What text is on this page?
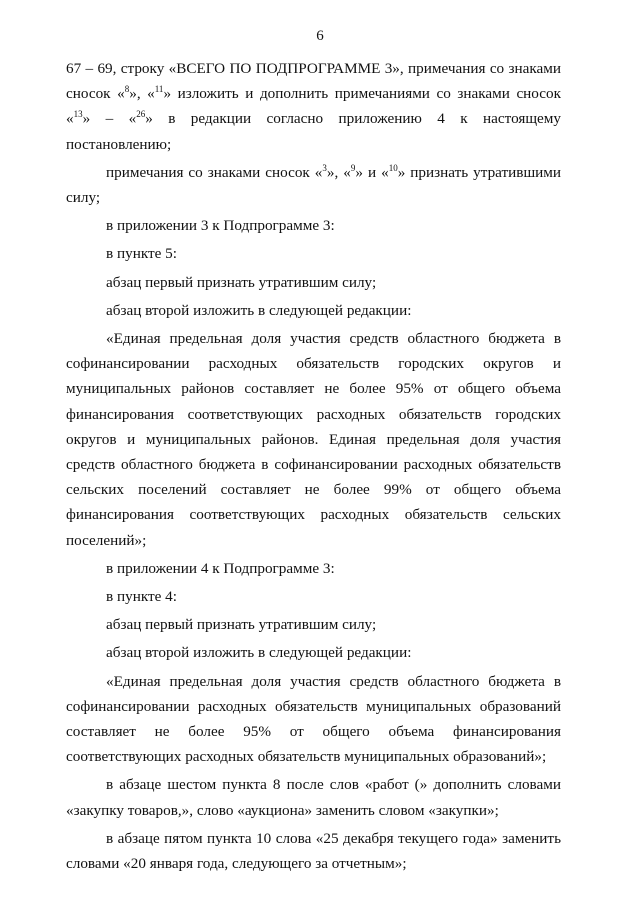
6

67 – 69, строку «ВСЕГО ПО ПОДПРОГРАММЕ 3», примечания со знаками сносок «$^8$», «$^{11}$» изложить и дополнить примечаниями со знаками сносок «$^{13}$» – «$^{26}$» в редакции согласно приложению 4 к настоящему постановлению;

примечания со знаками сносок «$^3$», «$^9$» и «$^{10}$» признать утратившими силу;

в приложении 3 к Подпрограмме 3:

в пункте 5:

абзац первый признать утратившим силу;

абзац второй изложить в следующей редакции:

«Единая предельная доля участия средств областного бюджета в софинансировании расходных обязательств городских округов и муниципальных районов составляет не более 95% от общего объема финансирования соответствующих расходных обязательств городских округов и муниципальных районов. Единая предельная доля участия средств областного бюджета в софинансировании расходных обязательств сельских поселений составляет не более 99% от общего объема финансирования соответствующих расходных обязательств сельских поселений»;

в приложении 4 к Подпрограмме 3:

в пункте 4:

абзац первый признать утратившим силу;

абзац второй изложить в следующей редакции:

«Единая предельная доля участия средств областного бюджета в софинансировании расходных обязательств муниципальных образований составляет не более 95% от общего объема финансирования соответствующих расходных обязательств муниципальных образований»;

в абзаце шестом пункта 8 после слов «работ (» дополнить словами «закупку товаров,», слово «аукциона» заменить словом «закупки»;

в абзаце пятом пункта 10 слова «25 декабря текущего года» заменить словами «20 января года, следующего за отчетным»;
